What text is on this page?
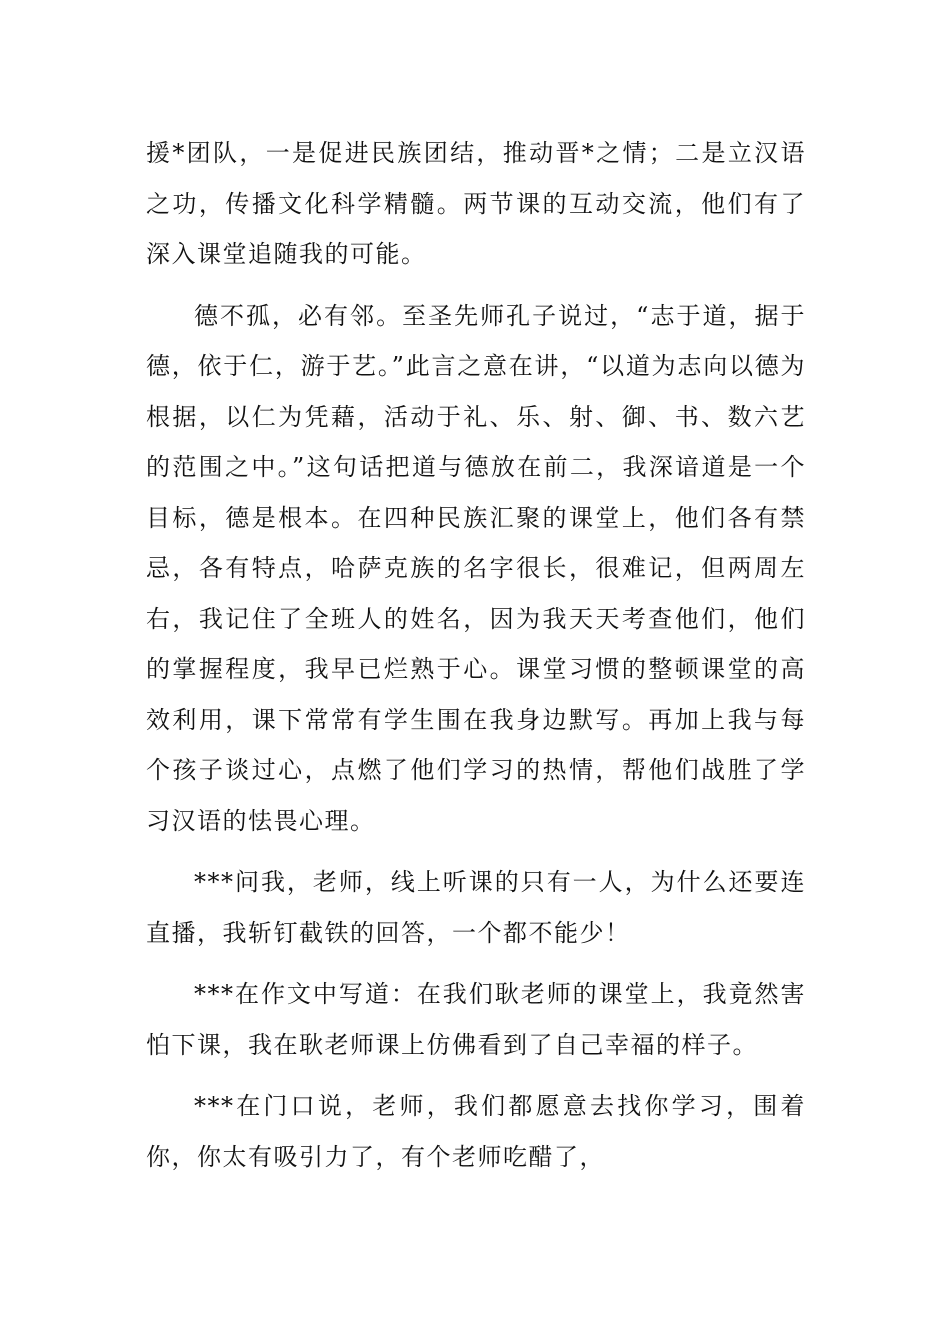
援*团队，一是促进民族团结，推动晋*之情；二是立汉语之功，传播文化科学精髓。两节课的互动交流，他们有了深入课堂追随我的可能。

德不孤，必有邻。至圣先师孔子说过，“志于道，据于德，依于仁，游于艺。”此言之意在讲，“以道为志向以德为根据，以仁为凭藉，活动于礼、乐、射、御、书、数六艺的范围之中。”这句话把道与德放在前二，我深谙道是一个目标，德是根本。在四种民族汇聚的课堂上，他们各有禁忌，各有特点，哈萨克族的名字很长，很难记，但两周左右，我记住了全班人的姓名，因为我天天考查他们，他们的掌握程度，我早已烂熟于心。课堂习惯的整顿课堂的高效利用，课下常常有学生围在我身边默写。再加上我与每个孩子谈过心，点燃了他们学习的热情，帮他们战胜了学习汉语的怯畏心理。

***问我，老师，线上听课的只有一人，为什么还要连直播，我斩钉截铁的回答，一个都不能少！

***在作文中写道：在我们耿老师的课堂上，我竟然害怕下课，我在耿老师课上仿佛看到了自己幸福的样子。

***在门口说，老师，我们都愿意去找你学习，围着你，你太有吸引力了，有个老师吃醋了，
